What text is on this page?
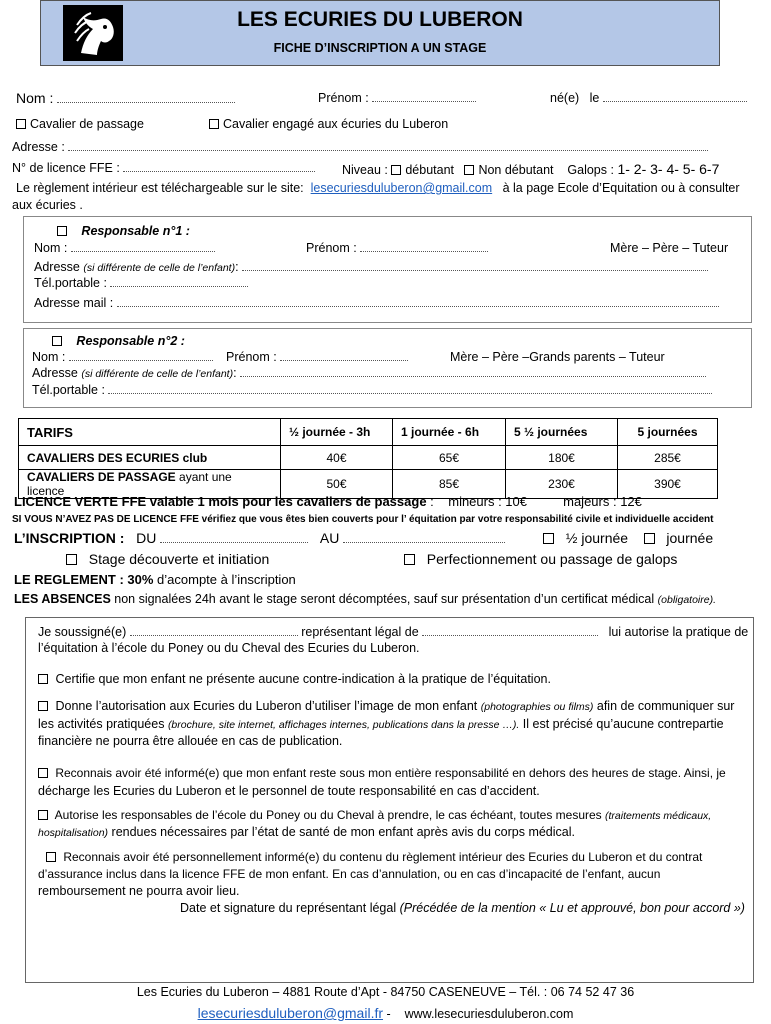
LES ECURIES DU LUBERON
FICHE D’INSCRIPTION A UN STAGE
Nom :	Prénom :	né(e) le
Cavalier de passage	Cavalier engagé aux écuries du Luberon
Adresse :
N° de licence FFE :	Niveau : débutant Non débutant Galops : 1- 2- 3- 4- 5- 6-7
Le règlement intérieur est téléchargeable sur le site: lesecuriesduluberon@gmail.com à la page Ecole d’Equitation ou à consulter
aux écuries .
Responsable n°1 :
Nom :	Prénom :	Mère – Père – Tuteur
Adresse (si différente de celle de l’enfant):
Tél.portable :
Adresse mail :
Responsable n°2 :
Nom :	Prénom :	Mère – Père –Grands parents – Tuteur
Adresse (si différente de celle de l’enfant):
Tél.portable :
TARIFS	½ journée - 3h	1 journée - 6h	5 ½ journées	5 journées
CAVALIERS DES ECURIES club	40€	65€	180€	285€
CAVALIERS DE PASSAGE ayant une licence	50€	85€	230€	390€
LICENCE VERTE FFE valable 1 mois pour les cavaliers de passage : mineurs : 10€	majeurs : 12€
SI VOUS N’AVEZ PAS DE LICENCE FFE vérifiez que vous êtes bien couverts pour l’ équitation par votre responsabilité civile et individuelle accident
L’INSCRIPTION : DU	AU	½ journée	journée
Stage découverte et initiation	Perfectionnement ou passage de galops
LE REGLEMENT : 30% d’acompte à l’inscription
LES ABSENCES non signalées 24h avant le stage seront décomptées, sauf sur présentation d’un certificat médical (obligatoire).
Je soussigné(e)	représentant légal de	lui autorise la pratique de
l’équitation à l’école du Poney ou du Cheval des Ecuries du Luberon.
Certifie que mon enfant ne présente aucune contre-indication à la pratique de l’équitation.
Donne l’autorisation aux Ecuries du Luberon d’utiliser l’image de mon enfant (photographies ou films) afin de communiquer sur
les activités pratiquées (brochure, site internet, affichages internes, publications dans la presse …). Il est précisé qu’aucune contrepartie
financière ne pourra être allouée en cas de publication.
Reconnais avoir été informé(e) que mon enfant reste sous mon entière responsabilité en dehors des heures de stage. Ainsi, je
décharge les Ecuries du Luberon et le personnel de toute responsabilité en cas d’accident.
Autorise les responsables de l’école du Poney ou du Cheval à prendre, le cas échéant, toutes mesures (traitements médicaux,
hospitalisation) rendues nécessaires par l’état de santé de mon enfant après avis du corps médical.
Reconnais avoir été personnellement informé(e) du contenu du règlement intérieur des Ecuries du Luberon et du contrat
d’assurance inclus dans la licence FFE de mon enfant. En cas d’annulation, ou en cas d’incapacité de l’enfant, aucun
remboursement ne pourra avoir lieu.
Date et signature du représentant légal (Précédée de la mention « Lu et approuvé, bon pour accord »)
Les Ecuries du Luberon – 4881 Route d’Apt - 84750 CASENEUVE – Tél. : 06 74 52 47 36
lesecuriesduluberon@gmail.fr - www.lesecuriesduluberon.com
